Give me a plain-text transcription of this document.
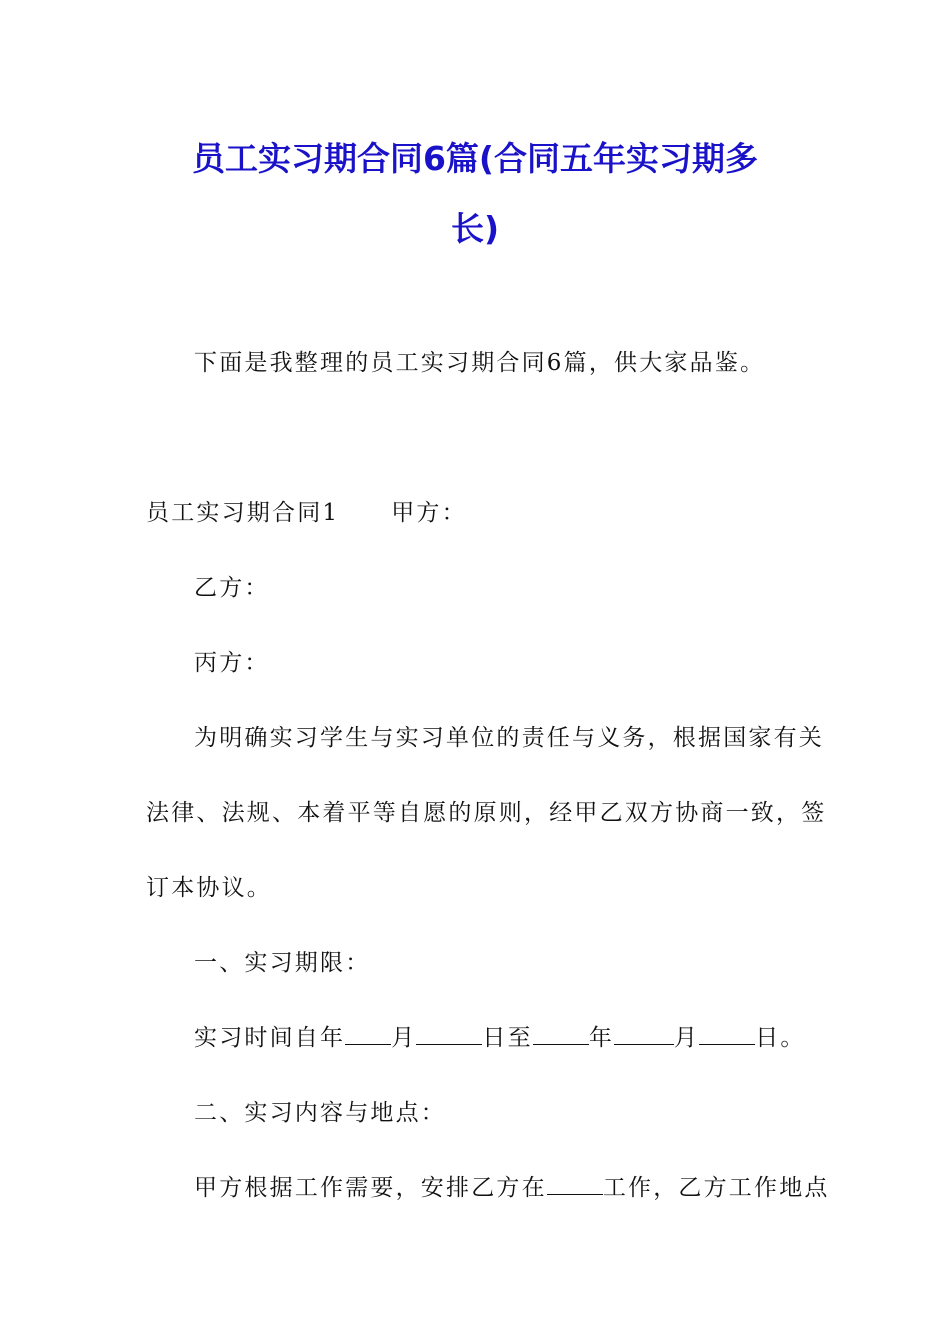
员工实习期合同6篇(合同五年实习期多
长)

下面是我整理的员工实习期合同6篇，供大家品鉴。

员工实习期合同1 甲方：

乙方：

丙方：

为明确实习学生与实习单位的责任与义务，根据国家有关

法律、法规、本着平等自愿的原则，经甲乙双方协商一致，签

订本协议。

一、实习期限：

实习时间自年 月	日至 年	月 日。

二、实习内容与地点：

甲方根据工作需要，安排乙方在 工作，乙方工作地点
